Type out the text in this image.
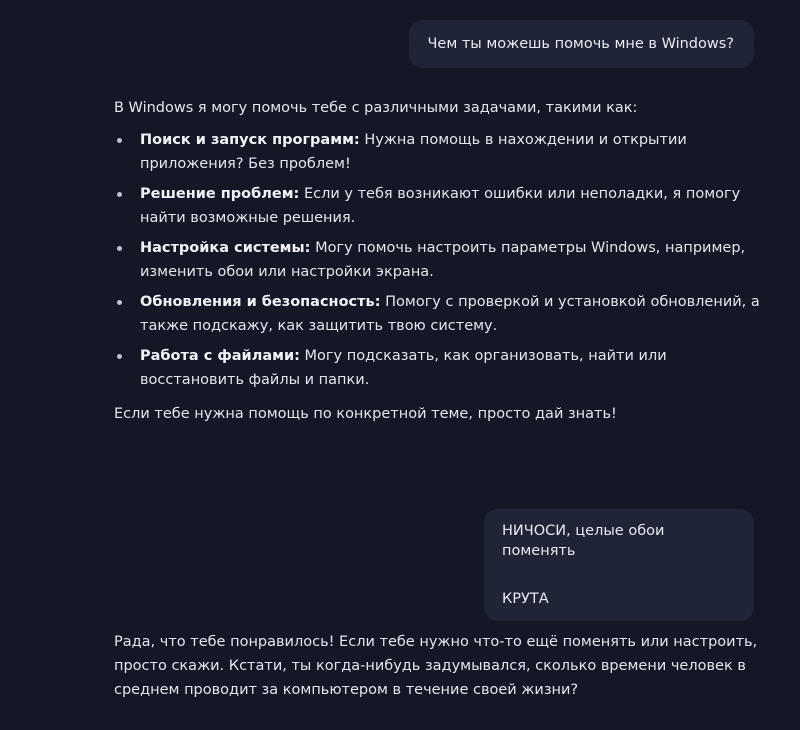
Чем ты можешь помочь мне в Windows?

В Windows я могу помочь тебе с различными задачами, такими как:

Поиск и запуск программ: Нужна помощь в нахождении и открытии приложения? Без проблем!
Решение проблем: Если у тебя возникают ошибки или неполадки, я помогу найти возможные решения.
Настройка системы: Могу помочь настроить параметры Windows, например, изменить обои или настройки экрана.
Обновления и безопасность: Помогу с проверкой и установкой обновлений, а также подскажу, как защитить твою систему.
Работа с файлами: Могу подсказать, как организовать, найти или восстановить файлы и папки.

Если тебе нужна помощь по конкретной теме, просто дай знать!

НИЧОСИ, целые обои поменять

КРУТА

Рада, что тебе понравилось! Если тебе нужно что-то ещё поменять или настроить, просто скажи. Кстати, ты когда-нибудь задумывался, сколько времени человек в среднем проводит за компьютером в течение своей жизни?
